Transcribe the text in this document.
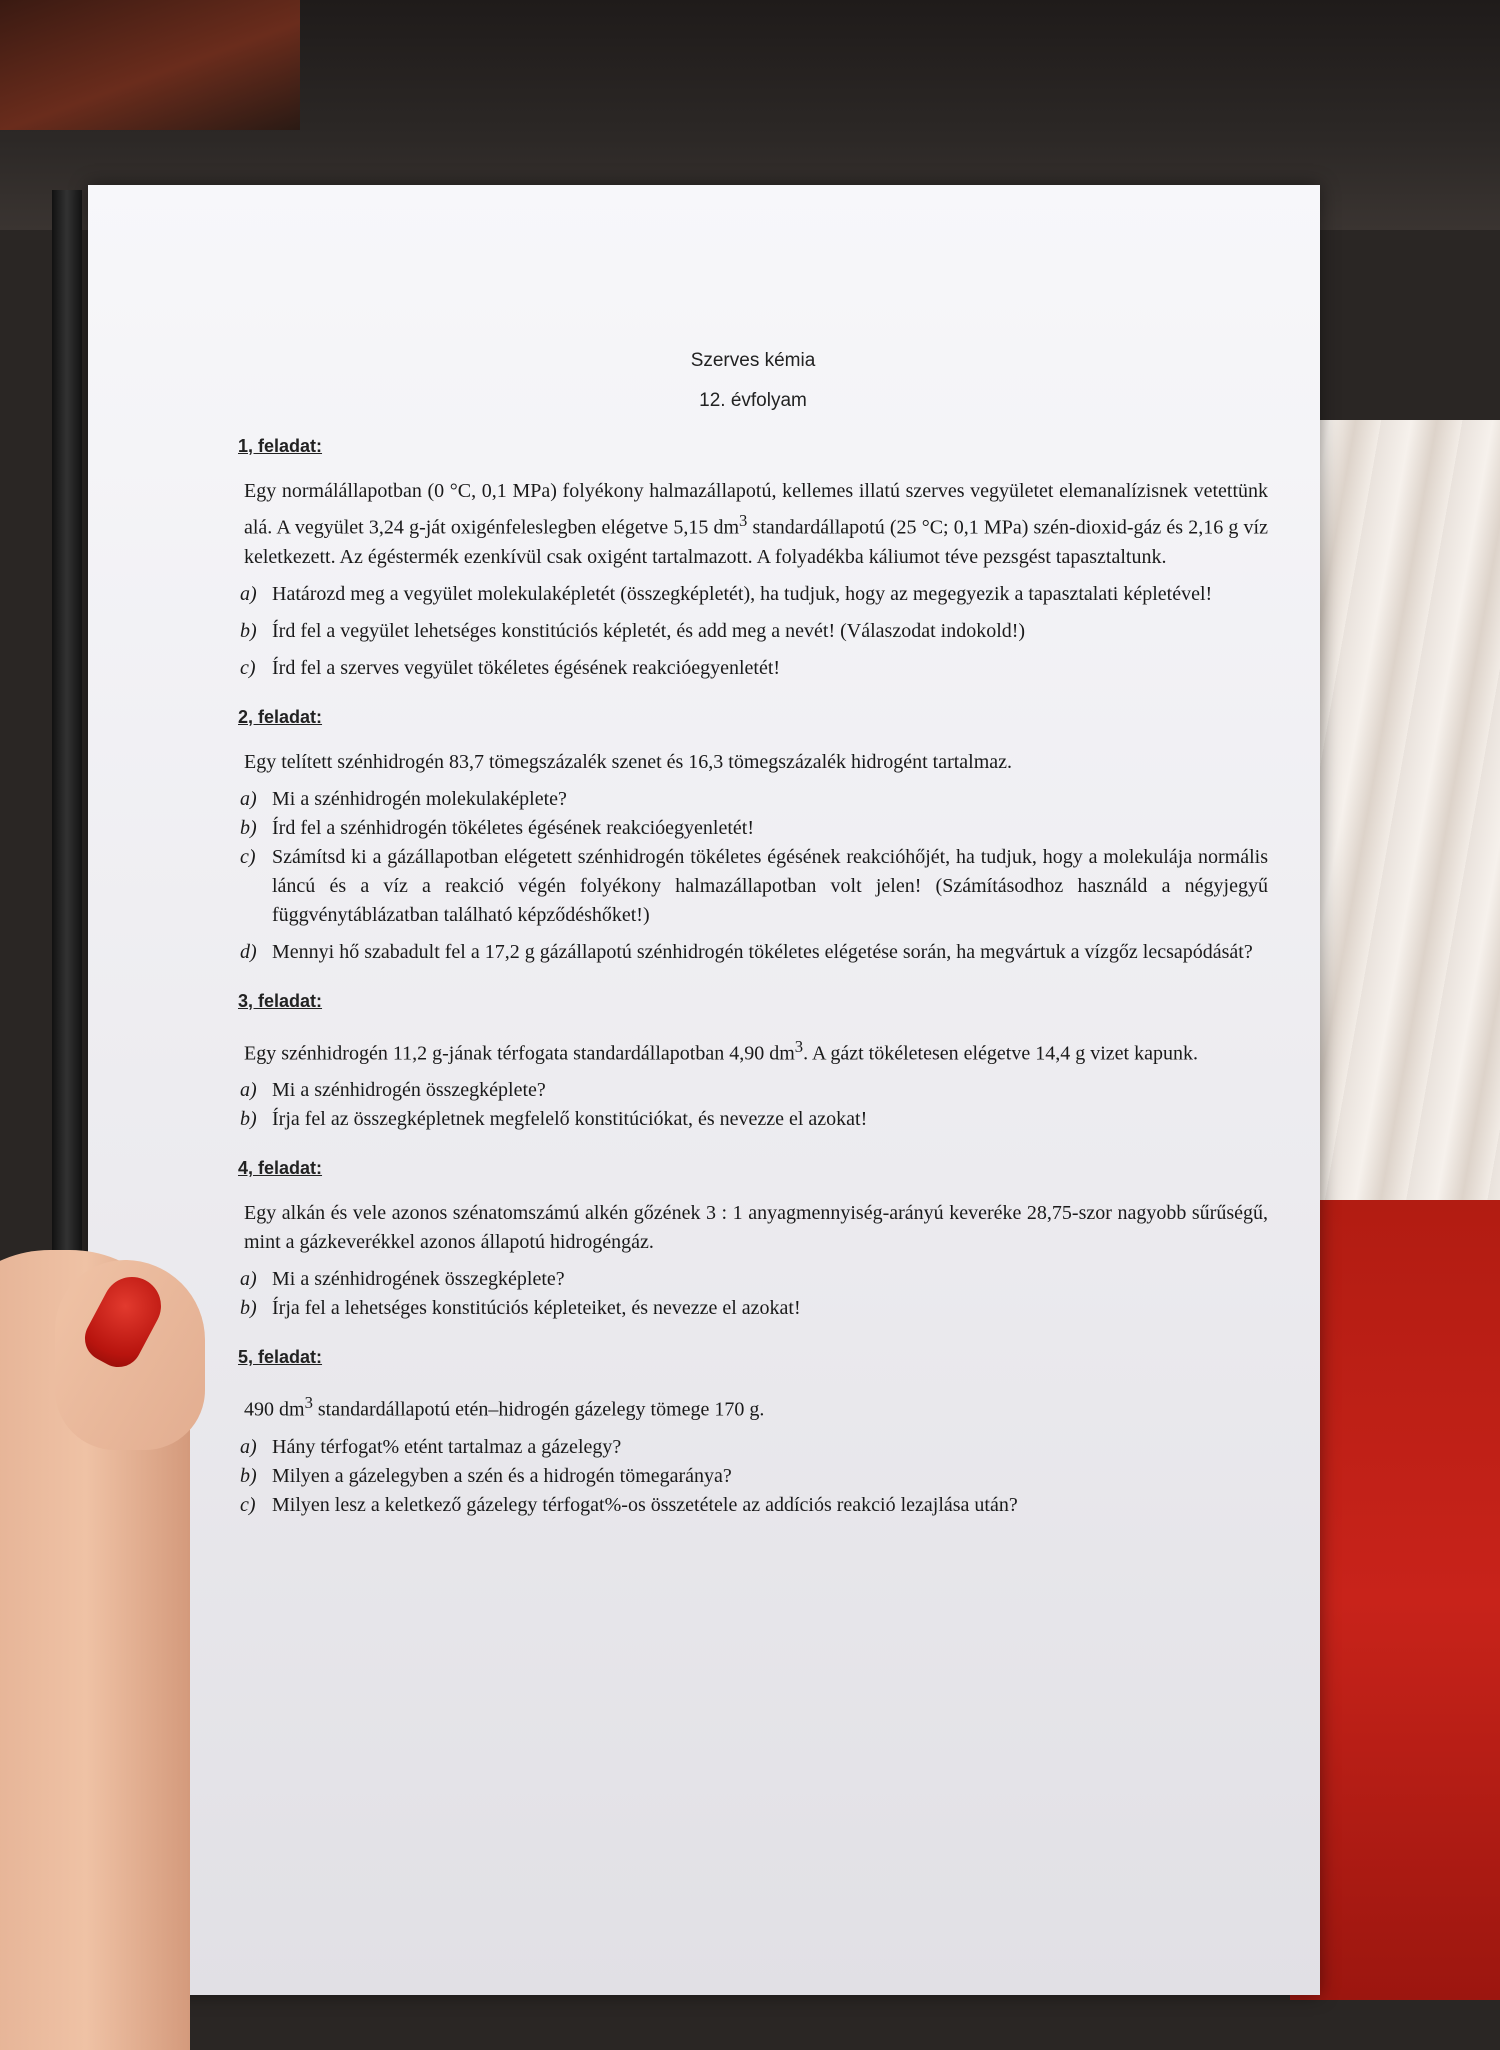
Szerves kémia
12. évfolyam
1, feladat:

Egy normálállapotban (0 °C, 0,1 MPa) folyékony halmazállapotú, kellemes illatú szerves vegyületet elemanalízisnek vetettünk alá. A vegyület 3,24 g-ját oxigénfeleslegben elégetve 5,15 $dm^3$ standardállapotú (25 °C; 0,1 MPa) szén-dioxid-gáz és 2,16 g víz keletkezett. Az égéstermék ezenkívül csak oxigént tartalmazott. A folyadékba káliumot téve pezsgést tapasztaltunk.

a) Határozd meg a vegyület molekulaképletét (összegképletét), ha tudjuk, hogy az megegyezik a tapasztalati képletével!
b) Írd fel a vegyület lehetséges konstitúciós képletét, és add meg a nevét! (Válaszodat indokold!)
c) Írd fel a szerves vegyület tökéletes égésének reakcióegyenletét!
2, feladat:

Egy telített szénhidrogén 83,7 tömegszázalék szenet és 16,3 tömegszázalék hidrogént tartalmaz.

a) Mi a szénhidrogén molekulaképlete?
b) Írd fel a szénhidrogén tökéletes égésének reakcióegyenletét!
c) Számítsd ki a gázállapotban elégetett szénhidrogén tökéletes égésének reakcióhőjét, ha tudjuk, hogy a molekulája normális láncú és a víz a reakció végén folyékony halmazállapotban volt jelen! (Számításodhoz használd a négyjegyű függvénytáblázatban található képződéshőket!)
d) Mennyi hő szabadult fel a 17,2 g gázállapotú szénhidrogén tökéletes elégetése során, ha megvártuk a vízgőz lecsapódását?
3, feladat:

Egy szénhidrogén 11,2 g-jának térfogata standardállapotban 4,90 $dm^3$. A gázt tökéletesen elégetve 14,4 g vizet kapunk.

a) Mi a szénhidrogén összegképlete?
b) Írja fel az összegképletnek megfelelő konstitúciókat, és nevezze el azokat!
4, feladat:

Egy alkán és vele azonos szénatomszámú alkén gőzének 3 : 1 anyagmennyiség-arányú keveréke 28,75-szor nagyobb sűrűségű, mint a gázkeverékkel azonos állapotú hidrogéngáz.

a) Mi a szénhidrogének összegképlete?
b) Írja fel a lehetséges konstitúciós képleteiket, és nevezze el azokat!
5, feladat:

490 $dm^3$ standardállapotú etén–hidrogén gázelegy tömege 170 g.

a) Hány térfogat% etént tartalmaz a gázelegy?
b) Milyen a gázelegyben a szén és a hidrogén tömegaránya?
c) Milyen lesz a keletkező gázelegy térfogat%-os összetétele az addíciós reakció lezajlása után?
